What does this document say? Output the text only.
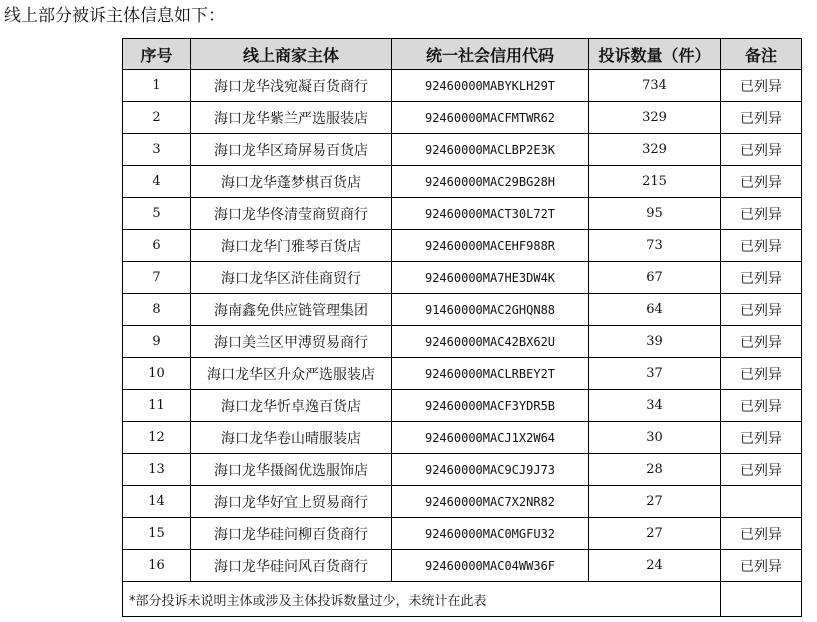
线上部分被诉主体信息如下：
序号	线上商家主体	统一社会信用代码	投诉数量（件）	备注
1	海口龙华浅宛凝百货商行	92460000MABYKLH29T	734	已列异
2	海口龙华紫兰严选服装店	92460000MACFMTWR62	329	已列异
3	海口龙华区琦屏易百货店	92460000MACLBP2E3K	329	已列异
4	海口龙华蓬梦棋百货店	92460000MAC29BG28H	215	已列异
5	海口龙华佟清莹商贸商行	92460000MACT30L72T	95	已列异
6	海口龙华门雅琴百货店	92460000MACEHF988R	73	已列异
7	海口龙华区浒佳商贸行	92460000MA7HE3DW4K	67	已列异
8	海南鑫免供应链管理集团	91460000MAC2GHQN88	64	已列异
9	海口美兰区甲溥贸易商行	92460000MAC42BX62U	39	已列异
10	海口龙华区升众严选服装店	92460000MACLRBEY2T	37	已列异
11	海口龙华忻卓逸百货店	92460000MACF3YDR5B	34	已列异
12	海口龙华卷山晴服装店	92460000MACJ1X2W64	30	已列异
13	海口龙华摄阁优选服饰店	92460000MAC9CJ9J73	28	已列异
14	海口龙华好宜上贸易商行	92460000MAC7X2NR82	27	
15	海口龙华硅问柳百货商行	92460000MAC0MGFU32	27	已列异
16	海口龙华硅问风百货商行	92460000MAC04WW36F	24	已列异
*部分投诉未说明主体或涉及主体投诉数量过少，未统计在此表				
